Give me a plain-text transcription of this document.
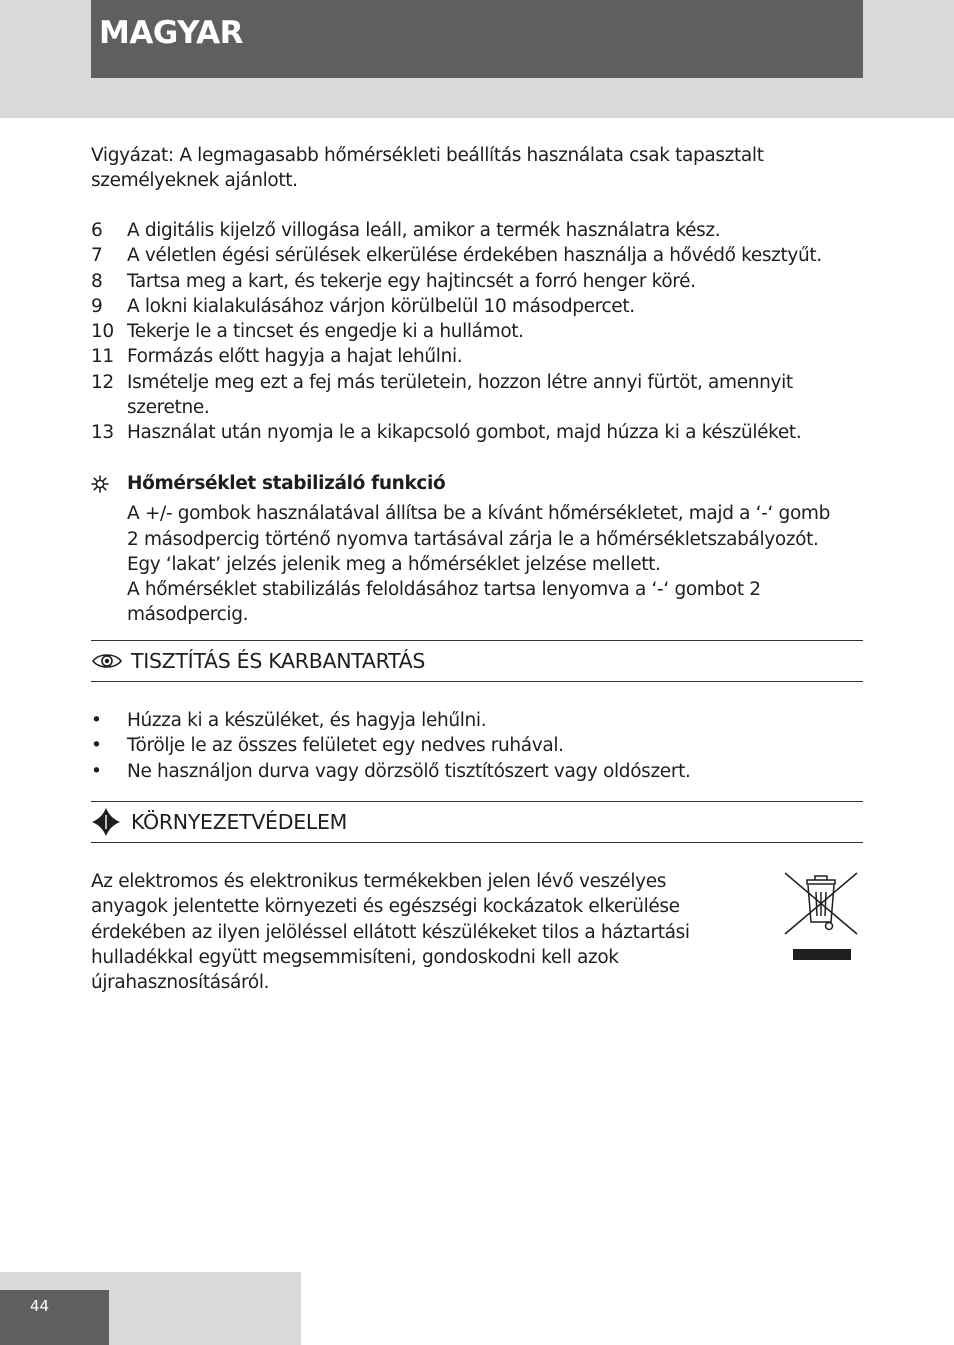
MAGYAR

Vigyázat: A legmagasabb hőmérsékleti beállítás használata csak tapasztalt

személyeknek ajánlott.

6	A digitális kijelző villogása leáll, amikor a termék használatra kész.
7	A véletlen égési sérülések elkerülése érdekében használja a hővédő kesztyűt.
8	Tartsa meg a kart, és tekerje egy hajtincsét a forró henger köré.
9	A lokni kialakulásához várjon körülbelül 10 másodpercet.
10 Tekerje le a tincset és engedje ki a hullámot.
11 Formázás előtt hagyja a hajat lehűlni.
12 Ismételje meg ezt a fej más területein, hozzon létre annyi fürtöt, amennyit
szeretne.
13 Használat után nyomja le a kikapcsoló gombot, majd húzza ki a készüléket.
Hőmérséklet stabilizáló funkció
A +/- gombok használatával állítsa be a kívánt hőmérsékletet, majd a ‘-‘ gomb
2 másodpercig történő nyomva tartásával zárja le a hőmérsékletszabályozót.
Egy ‘lakat’ jelzés jelenik meg a hőmérséklet jelzése mellett.
A hőmérséklet stabilizálás feloldásához tartsa lenyomva a ‘-‘ gombot 2
másodpercig.
TISZTÍTÁS ÉS KARBANTARTÁS
•	Húzza ki a készüléket, és hagyja lehűlni.
•	Törölje le az összes felületet egy nedves ruhával.
•	Ne használjon durva vagy dörzsölő tisztítószert vagy oldószert.
KÖRNYEZETVÉDELEM
Az elektromos és elektronikus termékekben jelen lévő veszélyes
anyagok jelentette környezeti és egészségi kockázatok elkerülése
érdekében az ilyen jelöléssel ellátott készülékeket tilos a háztartási
hulladékkal együtt megsemmisíteni, gondoskodni kell azok
újrahasznosításáról.
44
